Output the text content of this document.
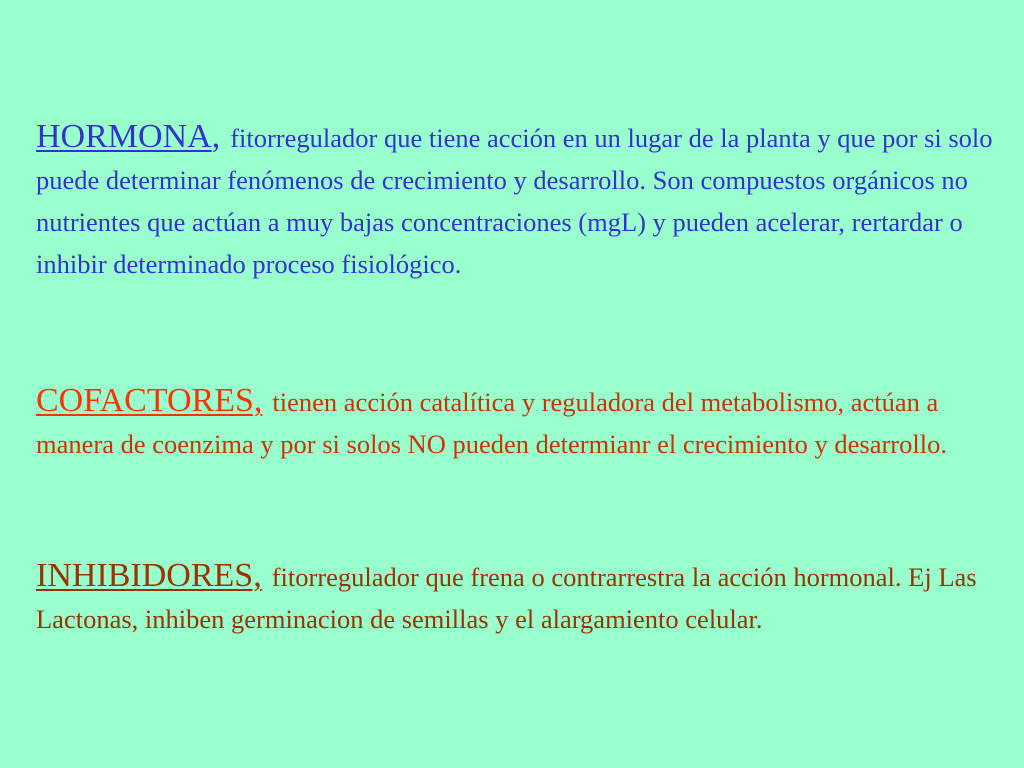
HORMONA, fitorregulador que tiene acción en un lugar de la planta y que por si solo puede determinar fenómenos de crecimiento y desarrollo. Son compuestos orgánicos no nutrientes que actúan a muy bajas concentraciones (mgL) y pueden acelerar, rertardar o inhibir determinado proceso fisiológico.

COFACTORES, tienen acción catalítica y reguladora del metabolismo, actúan a manera de coenzima y por si solos NO pueden determianr el crecimiento y desarrollo.

INHIBIDORES, fitorregulador que frena o contrarrestra la acción hormonal. Ej Las Lactonas, inhiben germinacion de semillas y el alargamiento celular.
